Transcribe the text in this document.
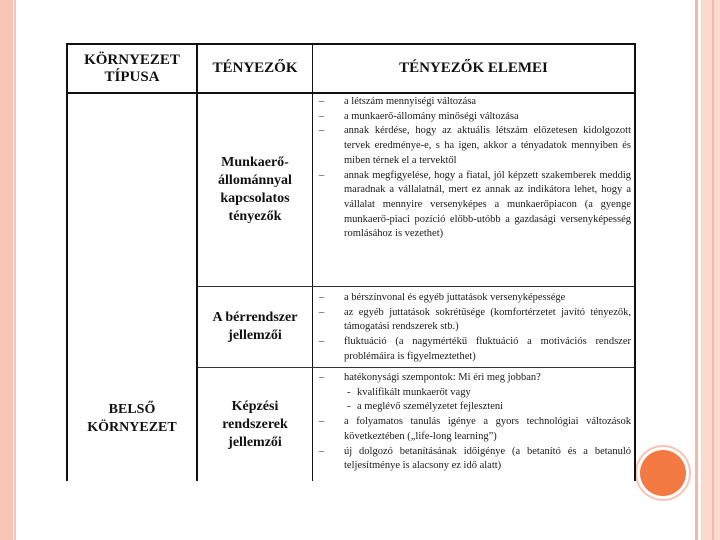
KÖRNYEZET TÍPUSA
TÉNYEZŐK	TÉNYEZŐK ELEMEI
BELSŐ KÖRNYEZET
Munkaerő-állománnyal kapcsolatos tényezők
– a létszám mennyiségi változása
– a munkaerő-állomány minőségi változása
– annak kérdése, hogy az aktuális létszám előzetesen kidolgozott tervek eredménye-e, s ha igen, akkor a tényadatok mennyiben és miben térnek el a tervektől
– annak megfigyelése, hogy a fiatal, jól képzett szakemberek meddig maradnak a vállalatnál, mert ez annak az indikátora lehet, hogy a vállalat mennyire versenyképes a munkaerőpiacon (a gyenge munkaerő-piaci pozíció előbb-utóbb a gazdasági versenyképesség romlásához is vezethet)
A bérrendszer jellemzői
– a bérszínvonal és egyéb juttatások versenyképessége
– az egyéb juttatások sokrétűsége (komfortérzetet javító tényezők, támogatási rendszerek stb.)
– fluktuáció (a nagymértékű fluktuáció a motivációs rendszer problémáira is figyelmeztethet)
Képzési rendszerek jellemzői
– hatékonysági szempontok: Mi éri meg jobban?
- kvalifikált munkaerőt vagy
- a meglévő személyzetet fejleszteni
– a folyamatos tanulás igénye a gyors technológiai változások következtében („life-long learning”)
– új dolgozó betanításának időigénye (a betanító és a betanuló teljesítménye is alacsony ez idő alatt)
